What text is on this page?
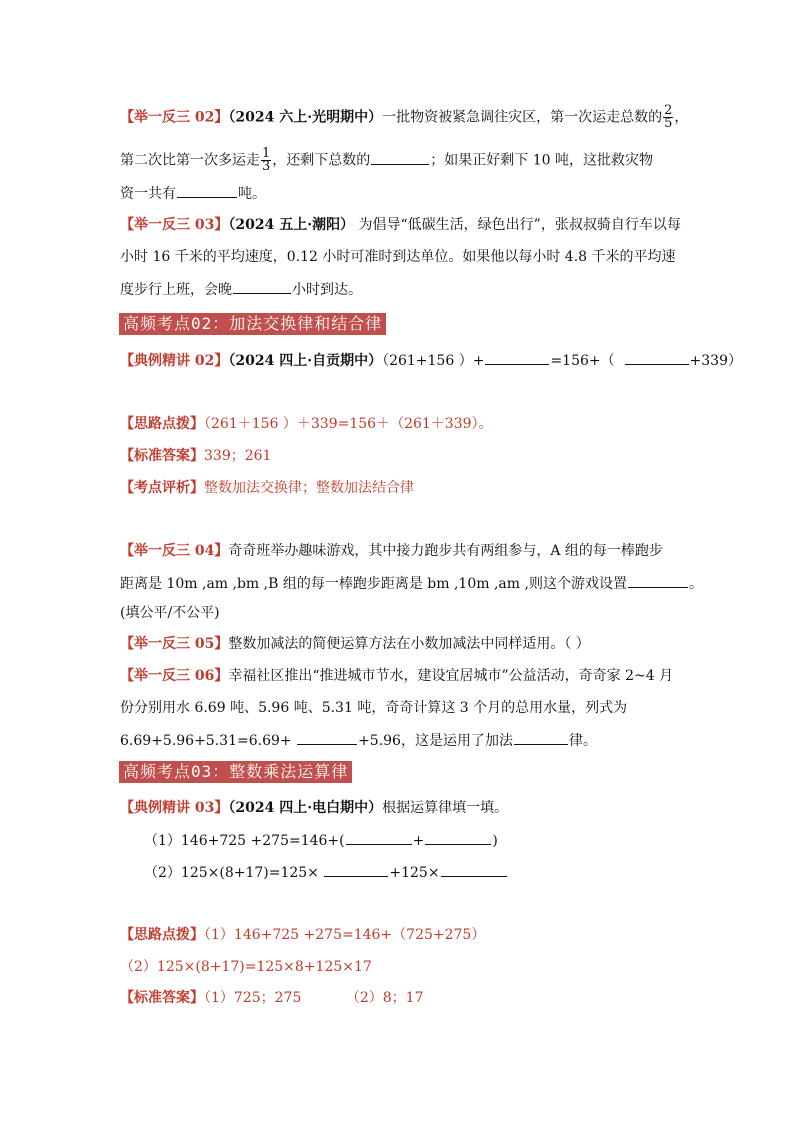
【举一反三 02】（2024 六上·光明期中）一批物资被紧急调往灾区，第一次运走总数的 $\frac{2}{5}$ ，
第二次比第一次多运走 $\frac{1}{3}$ ，还剩下总数的	；如果正好剩下 10 吨，这批救灾物
资一共有	吨。
【举一反三 03】（2024 五上·潮阳） 为倡导“低碳生活，绿色出行”，张叔叔骑自行车以每
小时 16 千米的平均速度，0.12 小时可准时到达单位。如果他以每小时 4.8 千米的平均速
度步行上班，会晚	小时到达。
高频考点02：加法交换律和结合律
【典例精讲 02】（2024 四上·自贡期中）（261+156 ）+	=156+（	+339）
【思路点拨】（261＋156 ）＋339=156＋（261＋339）。
【标准答案】339；261
【考点评析】整数加法交换律；整数加法结合律
【举一反三 04】奇奇班举办趣味游戏，其中接力跑步共有两组参与，A 组的每一棒跑步
距离是 10m ,am ,bm ,B 组的每一棒跑步距离是 bm ,10m ,am ,则这个游戏设置	。
(填公平/不公平)
【举一反三 05】整数加减法的简便运算方法在小数加减法中同样适用。（ ）
【举一反三 06】幸福社区推出“推进城市节水，建设宜居城市”公益活动，奇奇家 2~4 月
份分别用水 6.69 吨、5.96 吨、5.31 吨，奇奇计算这 3 个月的总用水量，列式为
6.69+5.96+5.31=6.69+	+5.96，这是运用了加法	律。
高频考点03：整数乘法运算律
【典例精讲 03】（2024 四上·电白期中）根据运算律填一填。
（1）146+725 +275=146+(	+	)
（2）125×(8+17)=125×	+125×
【思路点拨】（1）146+725 +275=146+（725+275）
（2）125×(8+17)=125×8+125×17
【标准答案】（1）725；275          （2）8；17
